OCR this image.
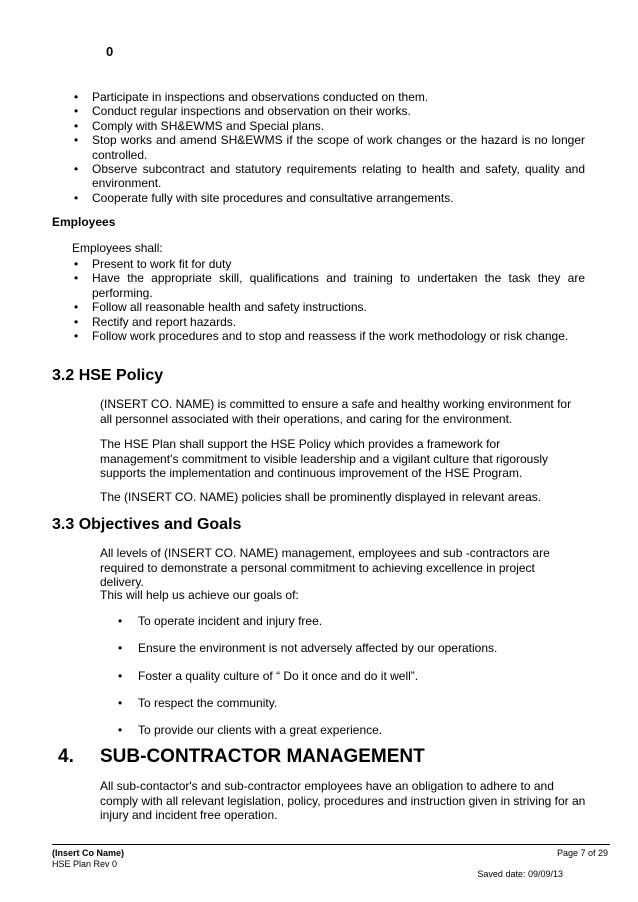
0
• Participate in inspections and observations conducted on them.
• Conduct regular inspections and observation on their works.
• Comply with SH&EWMS and Special plans.
• Stop works and amend SH&EWMS if the scope of work changes or the hazard is no longer controlled.
• Observe subcontract and statutory requirements relating to health and safety, quality and environment.
• Cooperate fully with site procedures and consultative arrangements.
Employees
Employees shall:
• Present to work fit for duty
• Have the appropriate skill, qualifications and training to undertaken the task they are performing.
• Follow all reasonable health and safety instructions.
• Rectify and report hazards.
• Follow work procedures and to stop and reassess if the work methodology or risk change.
3.2 HSE Policy
(INSERT CO. NAME) is committed to ensure a safe and healthy working environment for all personnel associated with their operations, and caring for the environment.
The HSE Plan shall support the HSE Policy which provides a framework for management’s commitment to visible leadership and a vigilant culture that rigorously supports the implementation and continuous improvement of the HSE Program.
The (INSERT CO. NAME) policies shall be prominently displayed in relevant areas.
3.3 Objectives and Goals
All levels of (INSERT CO. NAME) management, employees and sub -contractors are required to demonstrate a personal commitment to achieving excellence in project delivery.
This will help us achieve our goals of:
• To operate incident and injury free.
• Ensure the environment is not adversely affected by our operations.
• Foster a quality culture of “ Do it once and do it well”.
• To respect the community.
• To provide our clients with a great experience.
4. SUB-CONTRACTOR MANAGEMENT
All sub-contactor's and sub-contractor employees have an obligation to adhere to and comply with all relevant legislation, policy, procedures and instruction given in striving for an injury and incident free operation.
(Insert Co Name)
HSE Plan Rev 0
Page 7 of 29
Saved date: 09/09/13
